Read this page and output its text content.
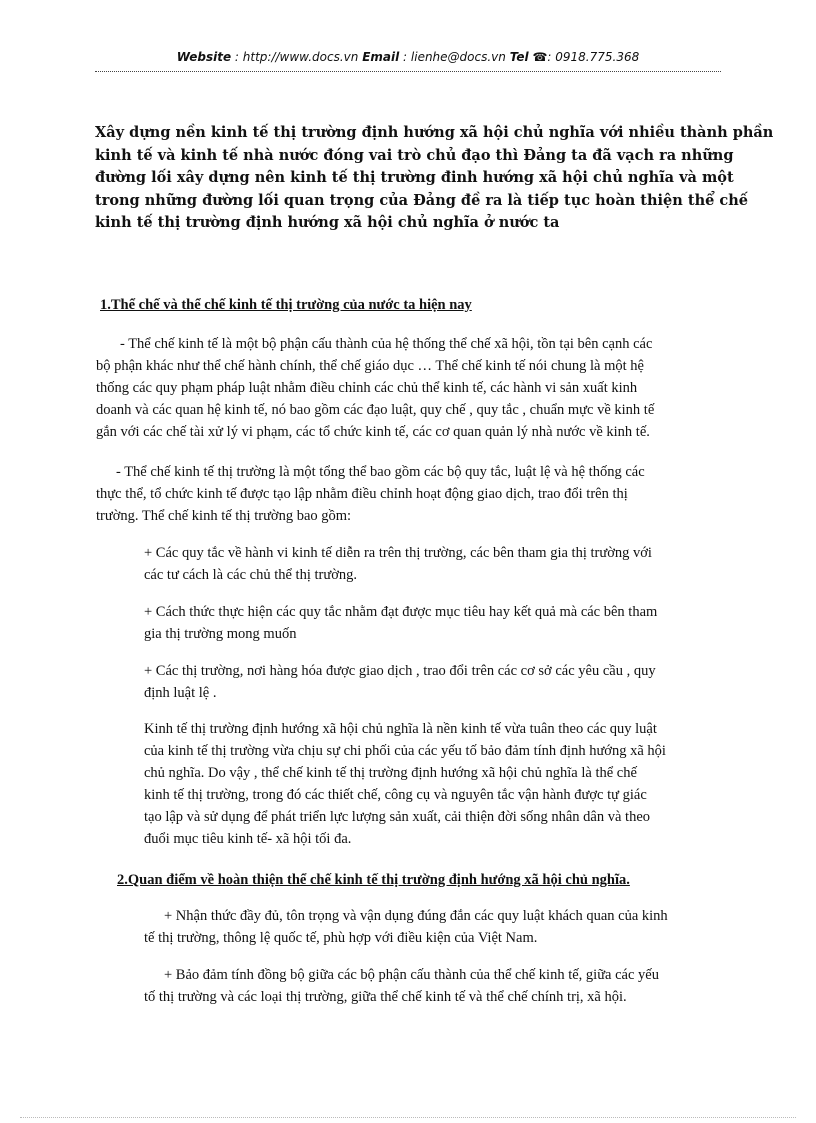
Website : http://www.docs.vn Email : lienhe@docs.vn Tel ☎: 0918.775.368
Xây dựng nền kinh tế thị trường định hướng xã hội chủ nghĩa với nhiều thành phần
kinh tế và kinh tế nhà nước đóng vai trò chủ đạo thì Đảng ta đã vạch ra những
đường lối xây dựng nên kinh tế thị trường đinh hướng xã hội chủ nghĩa và một
trong những đường lối quan trọng của Đảng đề ra là tiếp tục hoàn thiện thể chế
kinh tế thị trường định hướng xã hội chủ nghĩa ở nước ta
1.Thể chế và thể chế kinh tế thị trường của nước ta hiện nay
- Thể chế kinh tế là một bộ phận cấu thành của hệ thống thể chế xã hội, tồn tại bên cạnh các
bộ phận khác như thể chế hành chính, thể chế giáo dục … Thể chế kinh tế nói chung là một hệ
thống các quy phạm pháp luật nhằm điều chỉnh các chủ thể kinh tế, các hành vi sản xuất kinh
doanh và các quan hệ kinh tế, nó bao gồm các đạo luật, quy chế , quy tắc , chuẩn mực về kinh tế
gắn với các chế tài xử lý vi phạm, các tổ chức kinh tế, các cơ quan quản lý nhà nước về kinh tế.
- Thể chế kinh tế thị trường là một tổng thể bao gồm các bộ quy tắc, luật lệ và hệ thống các
thực thể, tổ chức kinh tế được tạo lập nhằm điều chỉnh hoạt động giao dịch, trao đổi trên thị
trường. Thể chế kinh tế thị trường bao gồm:
+ Các quy tắc về hành vi kinh tế diễn ra trên thị trường, các bên tham gia thị trường với
các tư cách là các chủ thể thị trường.
+ Cách thức thực hiện các quy tắc nhằm đạt được mục tiêu hay kết quả mà các bên tham
gia thị trường mong muốn
+ Các thị trường, nơi hàng hóa được giao dịch , trao đổi trên các cơ sở các yêu cầu , quy
định luật lệ .
Kinh tế thị trường định hướng xã hội chủ nghĩa là nền kinh tế vừa tuân theo các quy luật
của kinh tế thị trường vừa chịu sự chi phối của các yếu tố bảo đảm tính định hướng xã hội
chủ nghĩa. Do vậy , thể chế kinh tế thị trường định hướng xã hội chủ nghĩa là thể chế
kinh tế thị trường, trong đó các thiết chế, công cụ và nguyên tắc vận hành được tự giác
tạo lập và sử dụng để phát triển lực lượng sản xuất, cải thiện đời sống nhân dân và theo
đuổi mục tiêu kinh tế- xã hội tối đa.
2.Quan điểm về hoàn thiện thể chế kinh tế thị trường định hướng xã hội chủ nghĩa.
+ Nhận thức đầy đủ, tôn trọng và vận dụng đúng đắn các quy luật khách quan của kinh
tế thị trường, thông lệ quốc tế, phù hợp với điều kiện của Việt Nam.
+ Bảo đảm tính đồng bộ giữa các bộ phận cấu thành của thể chế kinh tế, giữa các yếu
tố thị trường và các loại thị trường, giữa thể chế kinh tế và thể chế chính trị, xã hội.
